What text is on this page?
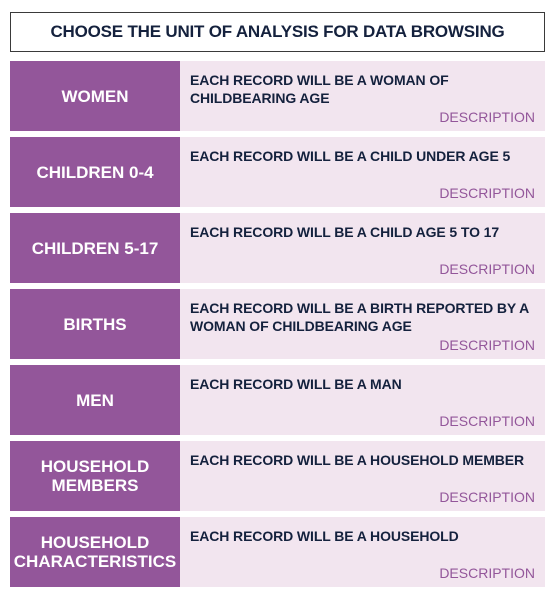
CHOOSE THE UNIT OF ANALYSIS FOR DATA BROWSING
WOMEN
EACH RECORD WILL BE A WOMAN OF CHILDBEARING AGE
DESCRIPTION
CHILDREN 0-4
EACH RECORD WILL BE A CHILD UNDER AGE 5
DESCRIPTION
CHILDREN 5-17
EACH RECORD WILL BE A CHILD AGE 5 TO 17
DESCRIPTION
BIRTHS
EACH RECORD WILL BE A BIRTH REPORTED BY A WOMAN OF CHILDBEARING AGE
DESCRIPTION
MEN
EACH RECORD WILL BE A MAN
DESCRIPTION
HOUSEHOLD MEMBERS
EACH RECORD WILL BE A HOUSEHOLD MEMBER
DESCRIPTION
HOUSEHOLD CHARACTERISTICS
EACH RECORD WILL BE A HOUSEHOLD
DESCRIPTION
